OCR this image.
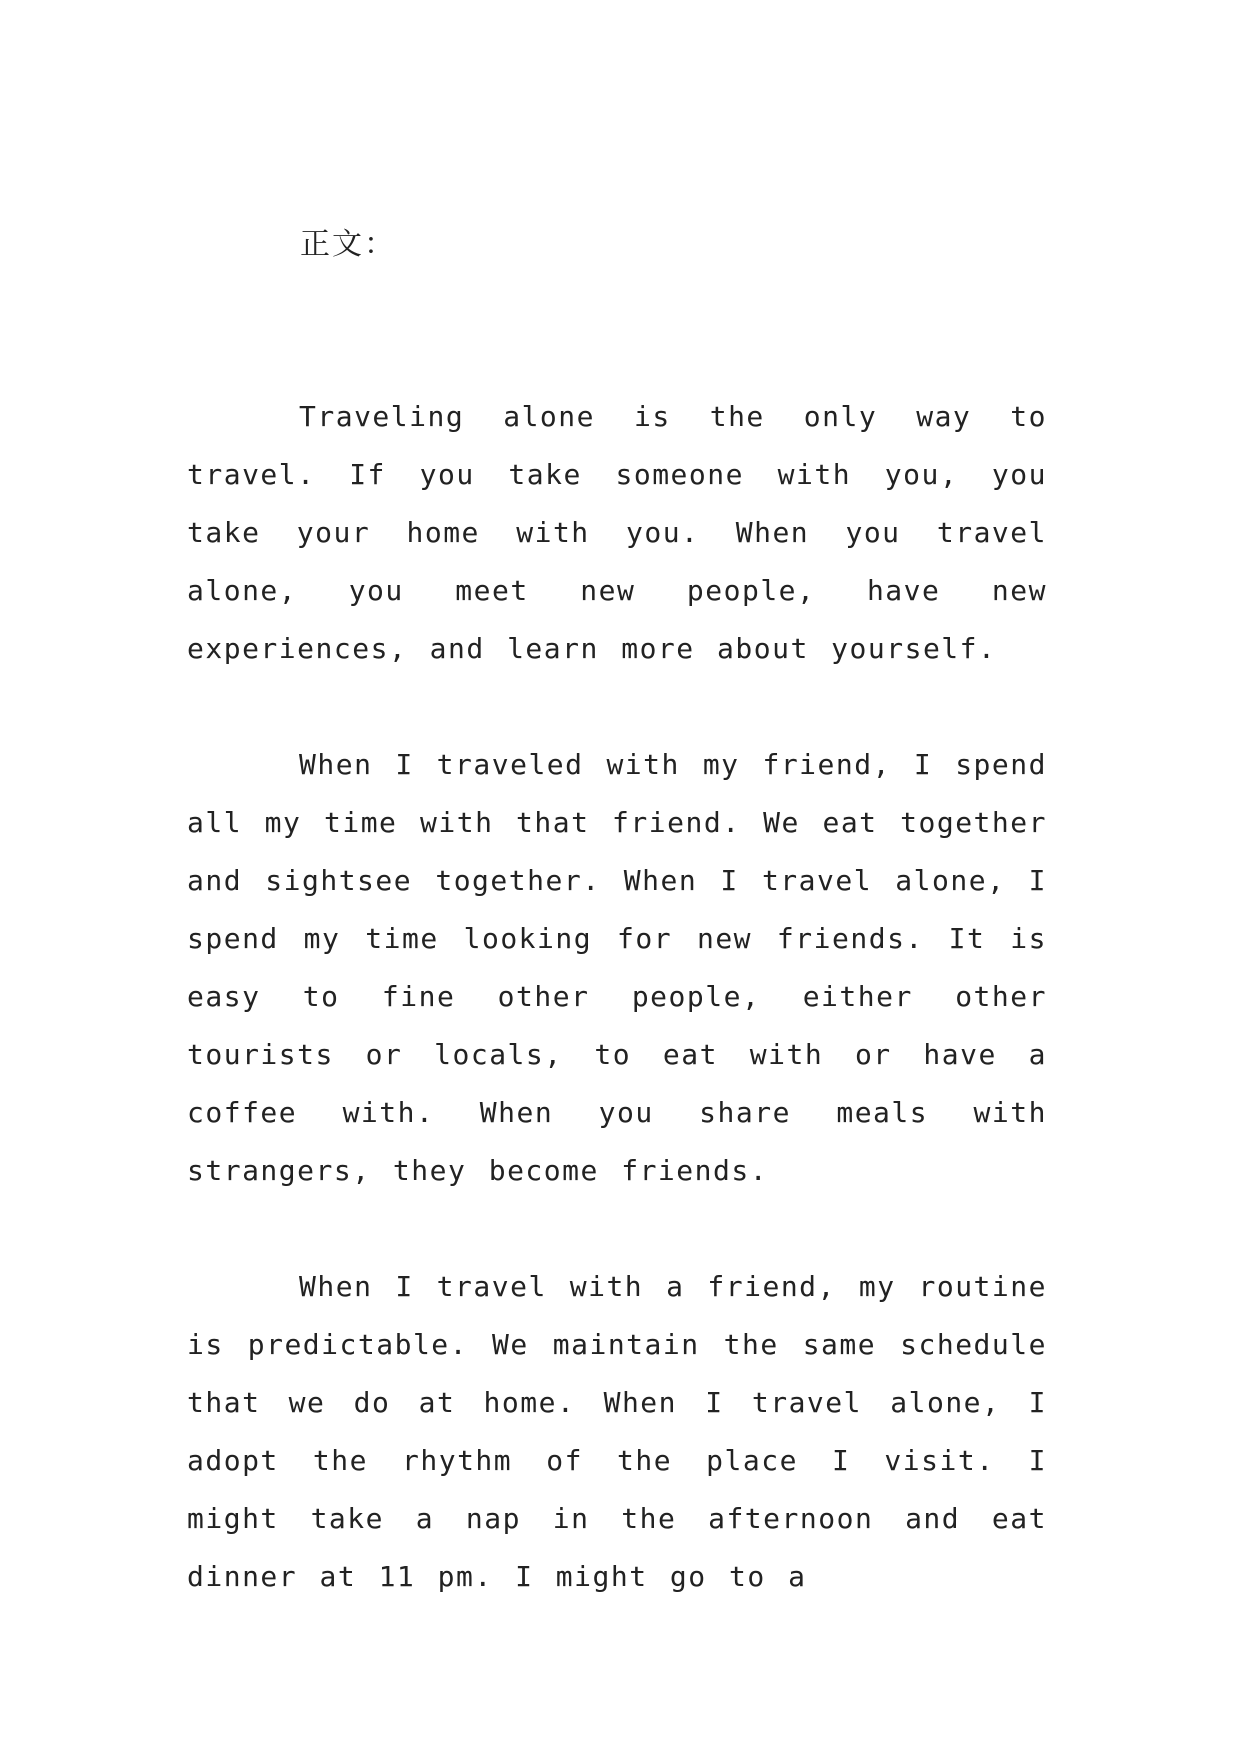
正文：

Traveling alone is the only way to travel. If you take someone with you, you take your home with you. When you travel alone, you meet new people, have new experiences, and learn more about yourself.

When I traveled with my friend, I spend all my time with that friend. We eat together and sightsee together. When I travel alone, I spend my time looking for new friends. It is easy to fine other people, either other tourists or locals, to eat with or have a coffee with. When you share meals with strangers, they become friends.

When I travel with a friend, my routine is predictable. We maintain the same schedule that we do at home. When I travel alone, I adopt the rhythm of the place I visit. I might take a nap in the afternoon and eat dinner at 11 pm. I might go to a
